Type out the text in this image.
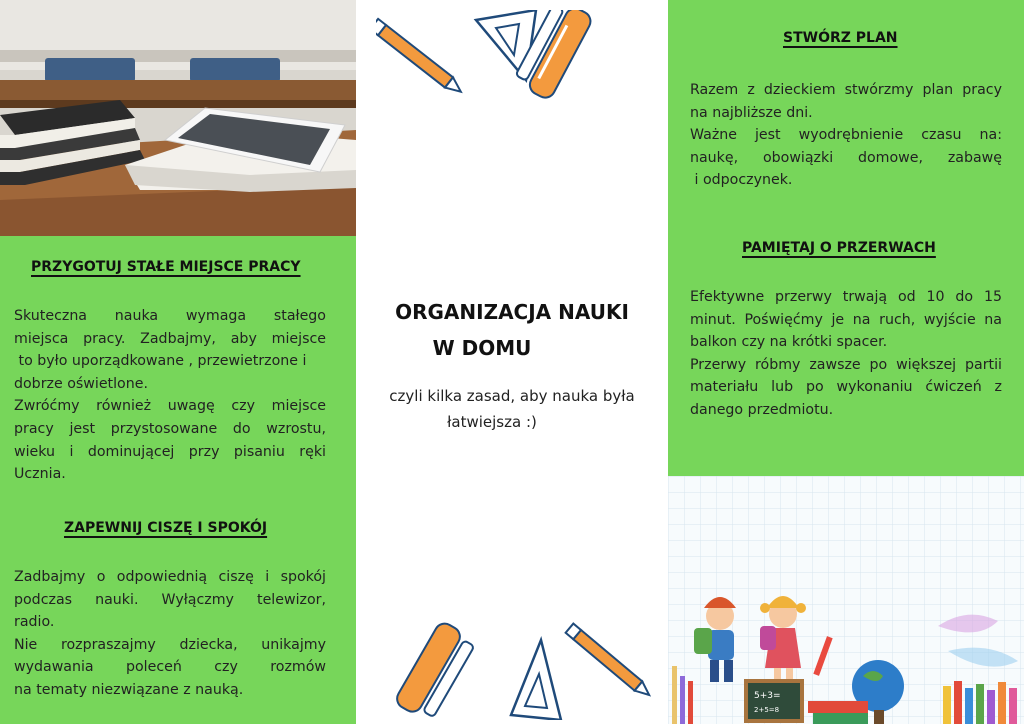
PRZYGOTUJ STAŁE MIEJSCE PRACY
Skuteczna nauka wymaga stałego
miejsca pracy. Zadbajmy, aby miejsce
to było uporządkowane , przewietrzone i
dobrze oświetlone.
Zwróćmy również uwagę czy miejsce
pracy jest przystosowane do wzrostu,
wieku i dominującej przy pisaniu ręki
Ucznia.
ZAPEWNIJ CISZĘ I SPOKÓJ
Zadbajmy o odpowiednią ciszę i spokój
podczas nauki. Wyłączmy telewizor,
radio.
Nie rozpraszajmy dziecka, unikajmy
wydawania poleceń czy rozmów
na tematy niezwiązane z nauką.
ORGANIZACJA NAUKI
W DOMU
czyli kilka zasad, aby nauka była
łatwiejsza :)
STWÓRZ PLAN
Razem z dzieckiem stwórzmy plan pracy
na najbliższe dni.
Ważne jest wyodrębnienie czasu na:
naukę, obowiązki domowe, zabawę
i odpoczynek.
PAMIĘTAJ O PRZERWACH
Efektywne przerwy trwają od 10 do 15
minut. Poświęćmy je na ruch, wyjście na
balkon czy na krótki spacer.
Przerwy róbmy zawsze po większej partii
materiału lub po wykonaniu ćwiczeń z
danego przedmiotu.
5+3=
2+5=8
